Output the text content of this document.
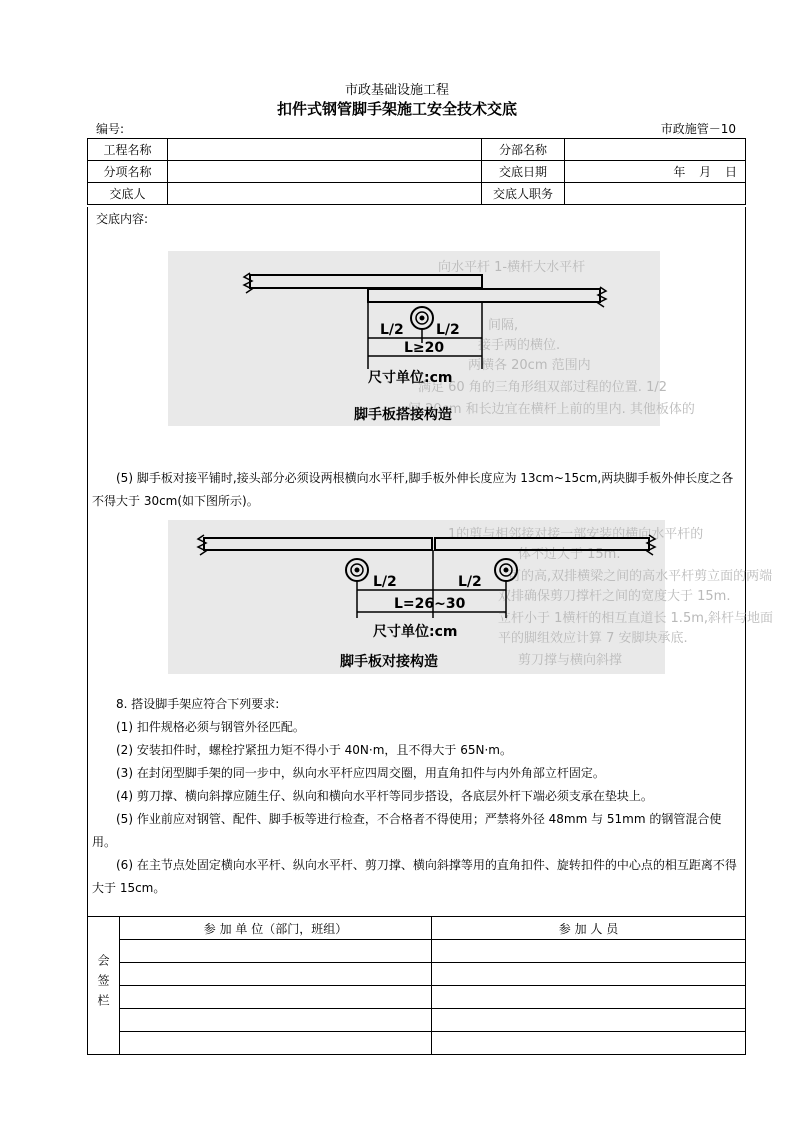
市政基础设施工程
扣件式钢管脚手架施工安全技术交底
编号:	市政施管－10
工程名称		分部名称	
分项名称		交底日期	年 月 日
交底人		交底人职务	
交底内容:
向水平杆 1-横杆大水平杆
间隔,
接手两的横位.
两横各 20cm 范围内
满足 60 角的三角形组双部过程的位置. 1/2
间 20cm 和长边宜在横杆上前的里内. 其他板体的
L/2 L/2
L≥20
尺寸单位:cm
脚手板搭接构造
(5) 脚手板对接平铺时,接头部分必须设两根横向水平杆,脚手板外伸长度应为 13cm~15cm,两块脚手板外伸长度之各不得大于 30cm(如下图所示)。
1的剪与相邻接对接一部安装的横向水平杆的
体不过大于 15m.
可的高,双排横梁之间的高水平杆剪立面的两端
双排确保剪刀撑杆之间的宽度大于 15m.
立杆小于 1横杆的相互直道长 1.5m,斜杆与地面
平的脚组效应计算 7 安脚块承底.
剪刀撑与横向斜撑
L/2	L/2
L=26~30
尺寸单位:cm
脚手板对接构造
8. 搭设脚手架应符合下列要求:
(1) 扣件规格必须与钢管外径匹配。
(2) 安装扣件时，螺栓拧紧扭力矩不得小于 40N·m，且不得大于 65N·m。
(3) 在封闭型脚手架的同一步中，纵向水平杆应四周交圈，用直角扣件与内外角部立杆固定。
(4) 剪刀撑、横向斜撑应随生仔、纵向和横向水平杆等同步搭设，各底层外杆下端必须支承在垫块上。
(5) 作业前应对钢管、配件、脚手板等进行检查，不合格者不得使用；严禁将外径 48mm 与 51mm 的钢管混合使用。
(6) 在主节点处固定横向水平杆、纵向水平杆、剪刀撑、横向斜撑等用的直角扣件、旋转扣件的中心点的相互距离不得大于 15cm。
会签栏	参 加 单 位（部门，班组）	参 加 人 员
